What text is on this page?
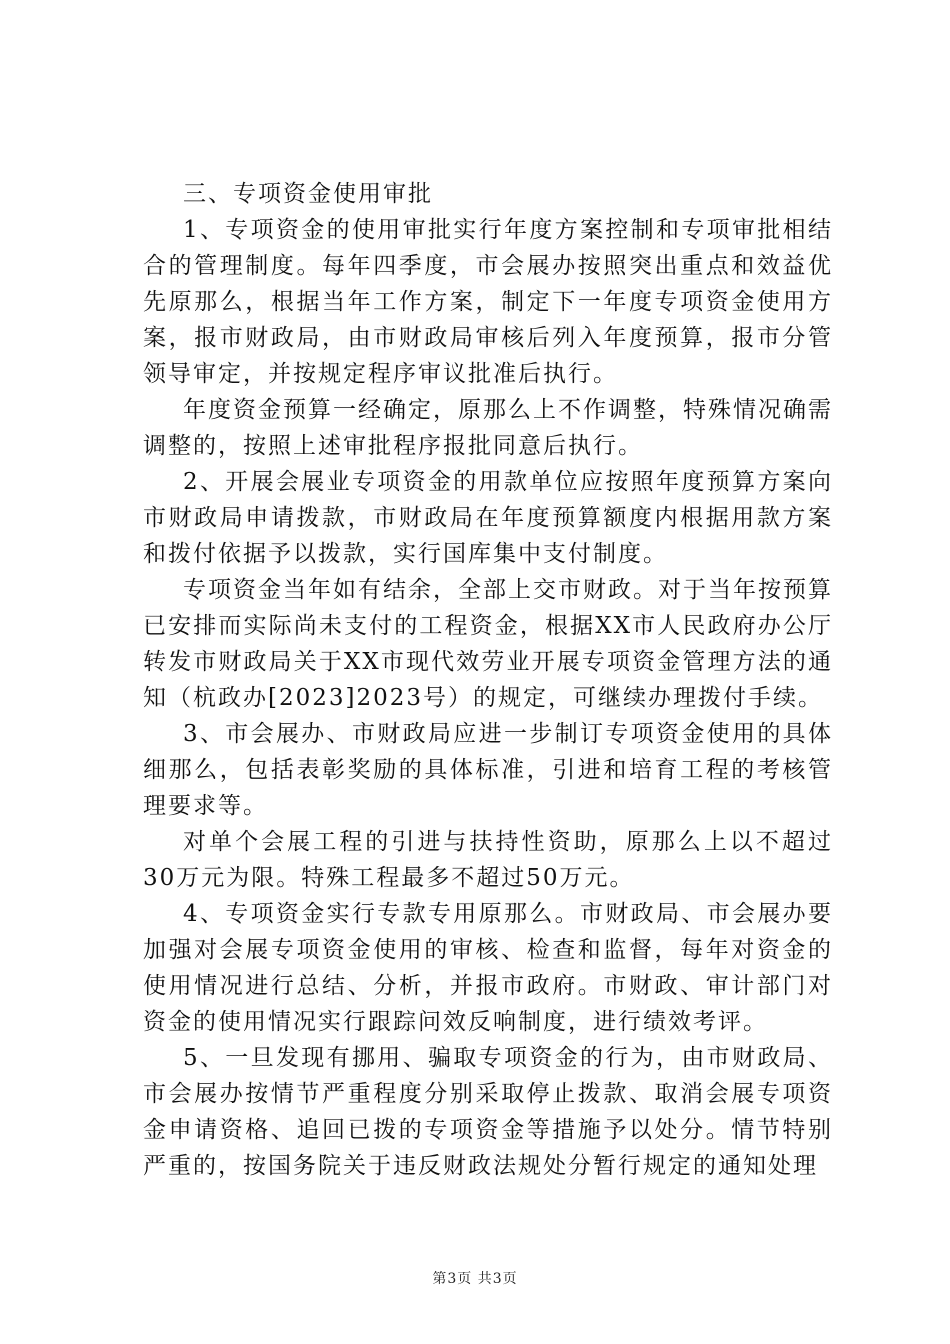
三、专项资金使用审批

1、专项资金的使用审批实行年度方案控制和专项审批相结合的管理制度。每年四季度，市会展办按照突出重点和效益优先原那么，根据当年工作方案，制定下一年度专项资金使用方案，报市财政局，由市财政局审核后列入年度预算，报市分管领导审定，并按规定程序审议批准后执行。

年度资金预算一经确定，原那么上不作调整，特殊情况确需调整的，按照上述审批程序报批同意后执行。

2、开展会展业专项资金的用款单位应按照年度预算方案向市财政局申请拨款，市财政局在年度预算额度内根据用款方案和拨付依据予以拨款，实行国库集中支付制度。

专项资金当年如有结余，全部上交市财政。对于当年按预算已安排而实际尚未支付的工程资金，根据XX市人民政府办公厅转发市财政局关于XX市现代效劳业开展专项资金管理方法的通知（杭政办[2023]2023号）的规定，可继续办理拨付手续。

3、市会展办、市财政局应进一步制订专项资金使用的具体细那么，包括表彰奖励的具体标准，引进和培育工程的考核管理要求等。

对单个会展工程的引进与扶持性资助，原那么上以不超过30万元为限。特殊工程最多不超过50万元。

4、专项资金实行专款专用原那么。市财政局、市会展办要加强对会展专项资金使用的审核、检查和监督，每年对资金的使用情况进行总结、分析，并报市政府。市财政、审计部门对资金的使用情况实行跟踪问效反响制度，进行绩效考评。

5、一旦发现有挪用、骗取专项资金的行为，由市财政局、市会展办按情节严重程度分别采取停止拨款、取消会展专项资金申请资格、追回已拨的专项资金等措施予以处分。情节特别严重的，按国务院关于违反财政法规处分暂行规定的通知处理

第3页 共3页
